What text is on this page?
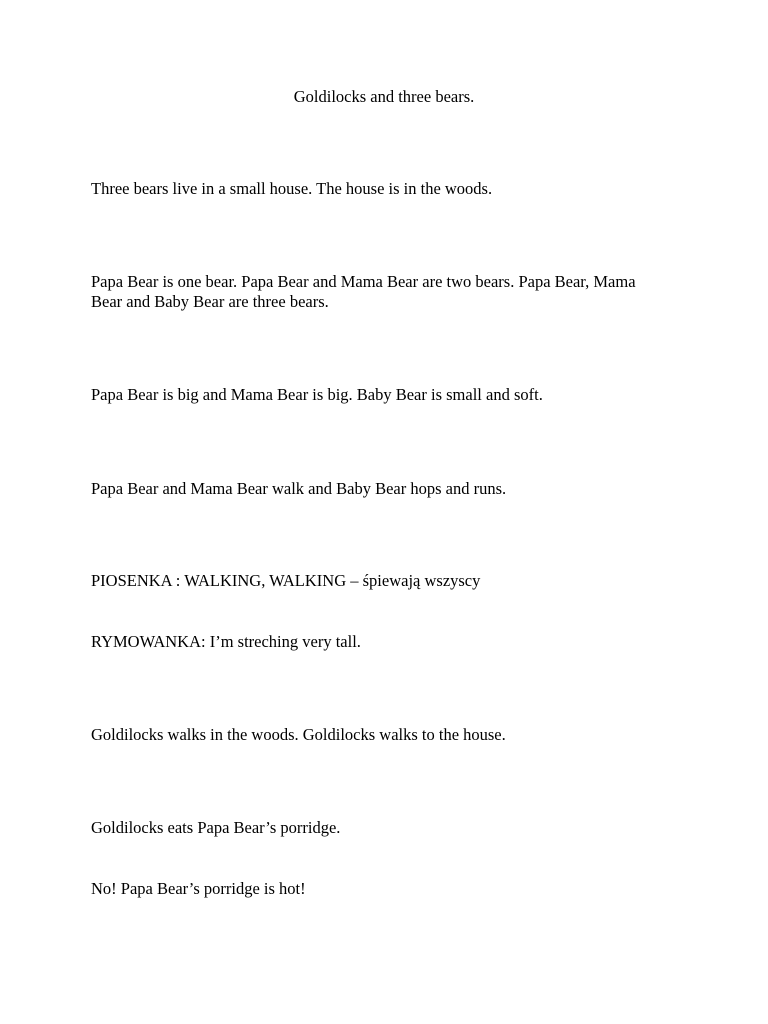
Goldilocks and three bears.

Three bears live in a small house. The house is in the woods.

Papa Bear is one bear. Papa Bear and Mama Bear are two bears. Papa Bear, Mama Bear and Baby Bear are three bears.

Papa Bear is big and Mama Bear is big. Baby Bear is small and soft.

Papa Bear and Mama Bear walk and Baby Bear hops and runs.

PIOSENKA : WALKING, WALKING – śpiewają wszyscy

RYMOWANKA: I’m streching very tall.

Goldilocks walks in the woods. Goldilocks walks to the house.

Goldilocks eats Papa Bear’s porridge.

No! Papa Bear’s porridge is hot!
